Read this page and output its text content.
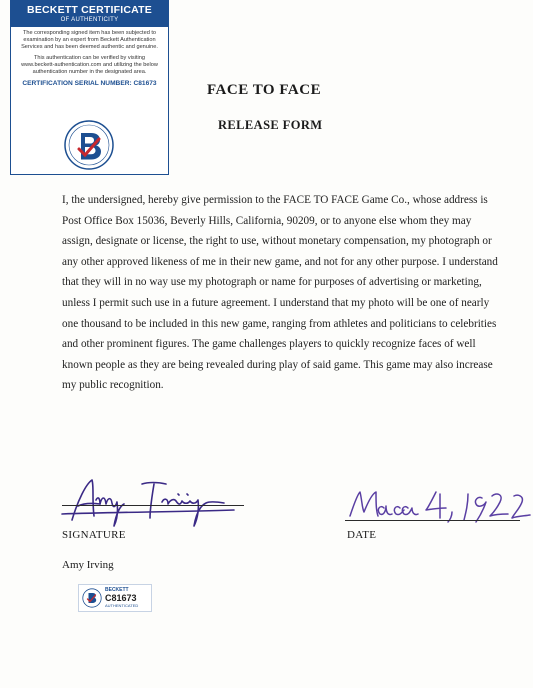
BECKETT CERTIFICATE
OF AUTHENTICITY

The corresponding signed item has been subjected to examination by an expert from Beckett Authentication Services and has been deemed authentic and genuine.

This authentication can be verified by visiting www.beckett-authentication.com and utilizing the below authentication number in the designated area.

CERTIFICATION SERIAL NUMBER: C81673	FACE TO FACE
RELEASE FORM

I, the undersigned, hereby give permission to the FACE TO FACE Game Co., whose address is Post Office Box 15036, Beverly Hills, California, 90209, or to anyone else whom they may assign, designate or license, the right to use, without monetary compensation, my photograph or any other approved likeness of me in their new game, and not for any other purpose. I understand that they will in no way use my photograph or name for purposes of advertising or marketing, unless I permit such use in a future agreement. I understand that my photo will be one of nearly one thousand to be included in this new game, ranging from athletes and politicians to celebrities and other prominent figures. The game challenges players to quickly recognize faces of well known people as they are being revealed during play of said game. This game may also increase my public recognition.

SIGNATURE
Amy Irving
DATE
BECKETT
C81673
AUTHENTICATED
